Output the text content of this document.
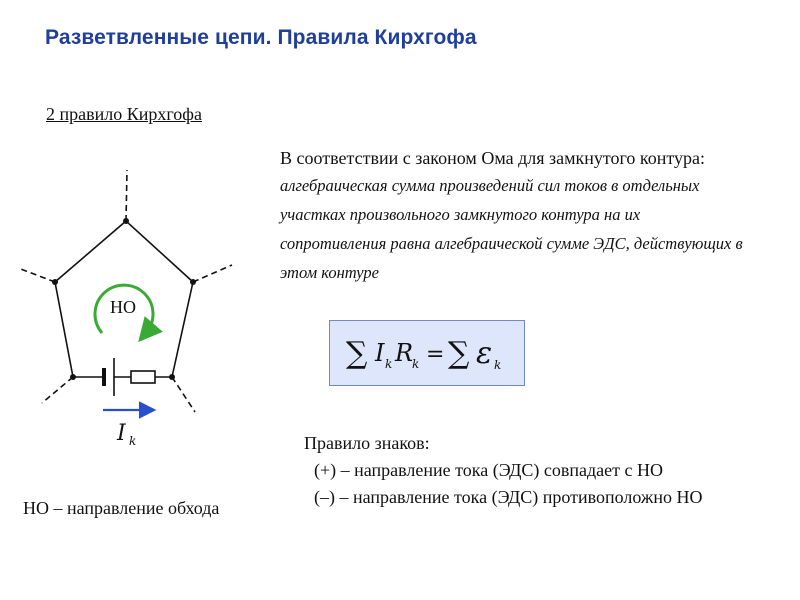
Разветвленные цепи. Правила Кирхгофа
2 правило Кирхгофа
В соответствии с законом Ома для замкнутого контура:
алгебраическая сумма произведений сил токов в отдельных участках произвольного замкнутого контура на их сопротивления равна алгебраической сумме ЭДС, действующих в этом контуре
∑ I k R
k = ∑ ε k
Правило знаков:
(+) – направление тока (ЭДС) совпадает с НО
(–) – направление тока (ЭДС) противоположно НО
НО – направление обхода
НО
I k
